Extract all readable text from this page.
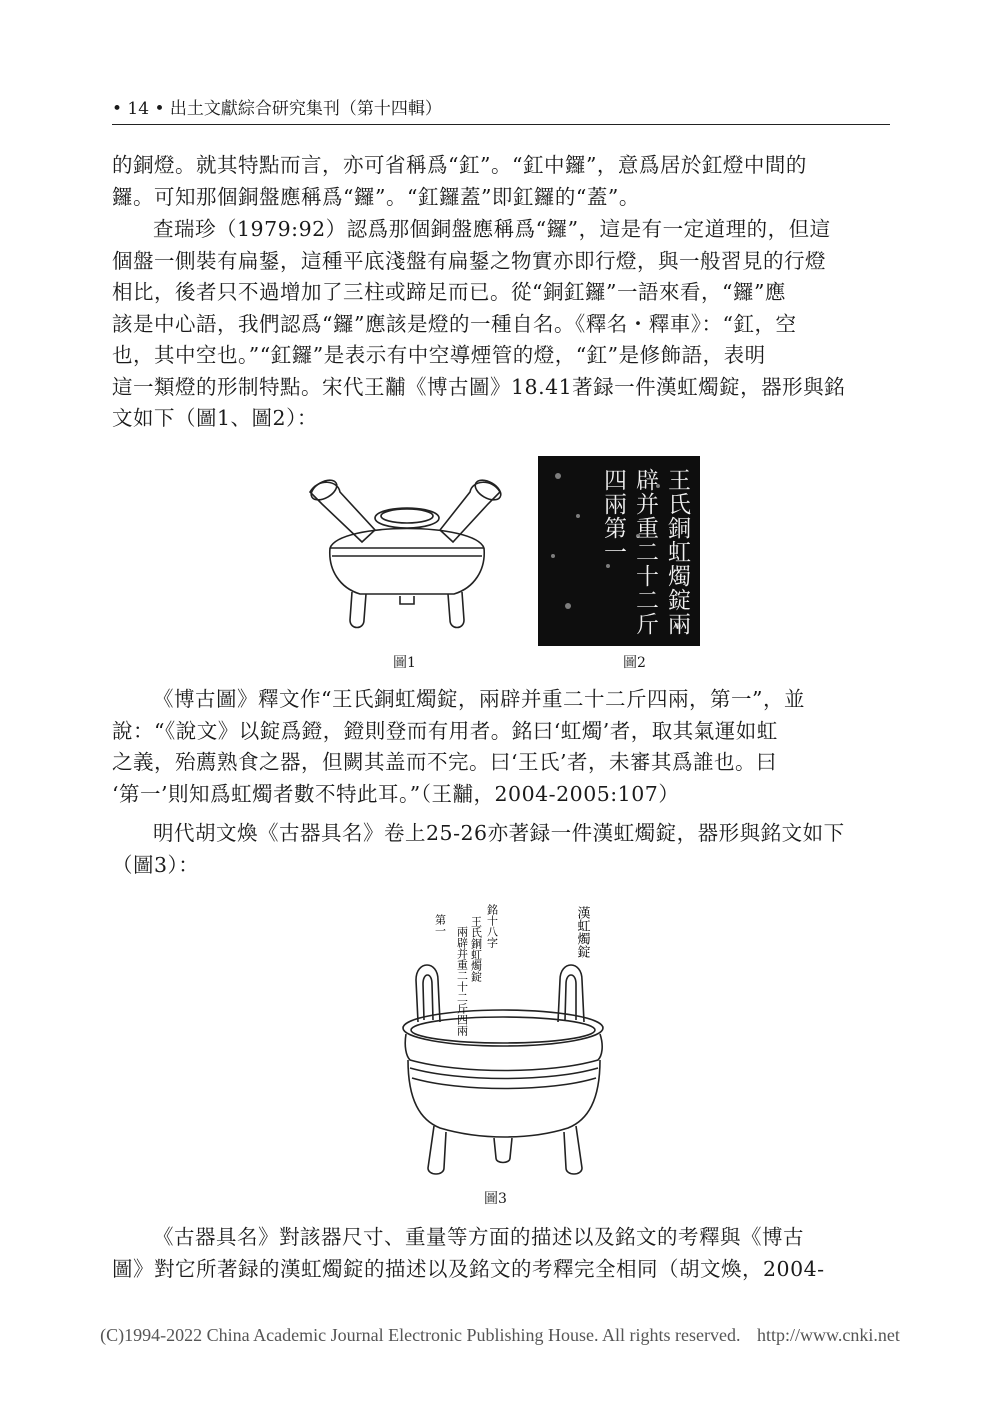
• 14 • 出土文獻綜合研究集刊（第十四輯）
的銅燈。就其特點而言，亦可省稱爲“釭”。“釭中鑼”，意爲居於釭燈中間的
鑼。可知那個銅盤應稱爲“鑼”。“釭鑼蓋”即釭鑼的“蓋”。
查瑞珍（1979:92）認爲那個銅盤應稱爲“鑼”，這是有一定道理的，但這
個盤一側裝有扁鋬，這種平底淺盤有扁鋬之物實亦即行燈，與一般習見的行燈
相比，後者只不過增加了三柱或蹄足而已。從“銅釭鑼”一語來看，“鑼”應
該是中心語，我們認爲“鑼”應該是燈的一種自名。《釋名・釋車》：“釭，空
也，其中空也。”“釭鑼”是表示有中空導煙管的燈，“釭”是修飾語，表明
這一類燈的形制特點。宋代王黼《博古圖》18.41著録一件漢虹燭錠，器形與銘
文如下（圖1、圖2）：
圖1
王氏銅虹燭錠兩辟并重二十二斤四兩第一
圖2
《博古圖》釋文作“王氏銅虹燭錠，兩辟并重二十二斤四兩，第一”，並
說：“《說文》以錠爲鐙，鐙則登而有用者。銘曰‘虹燭’者，取其氣運如虹
之義，殆薦熟食之器，但闕其盖而不完。曰‘王氏’者，未審其爲誰也。曰
‘第一’則知爲虹燭者數不特此耳。”（王黼，2004-2005:107）
明代胡文煥《古器具名》卷上25-26亦著録一件漢虹燭錠，器形與銘文如下
（圖3）：
漢虹燭錠
銘十八字
王氏銅虹燭錠
兩辟并重二十二斤四兩
第一
圖3
《古器具名》對該器尺寸、重量等方面的描述以及銘文的考釋與《博古
圖》對它所著録的漢虹燭錠的描述以及銘文的考釋完全相同（胡文煥，2004-
(C)1994-2022 China Academic Journal Electronic Publishing House. All rights reserved. http://www.cnki.net
